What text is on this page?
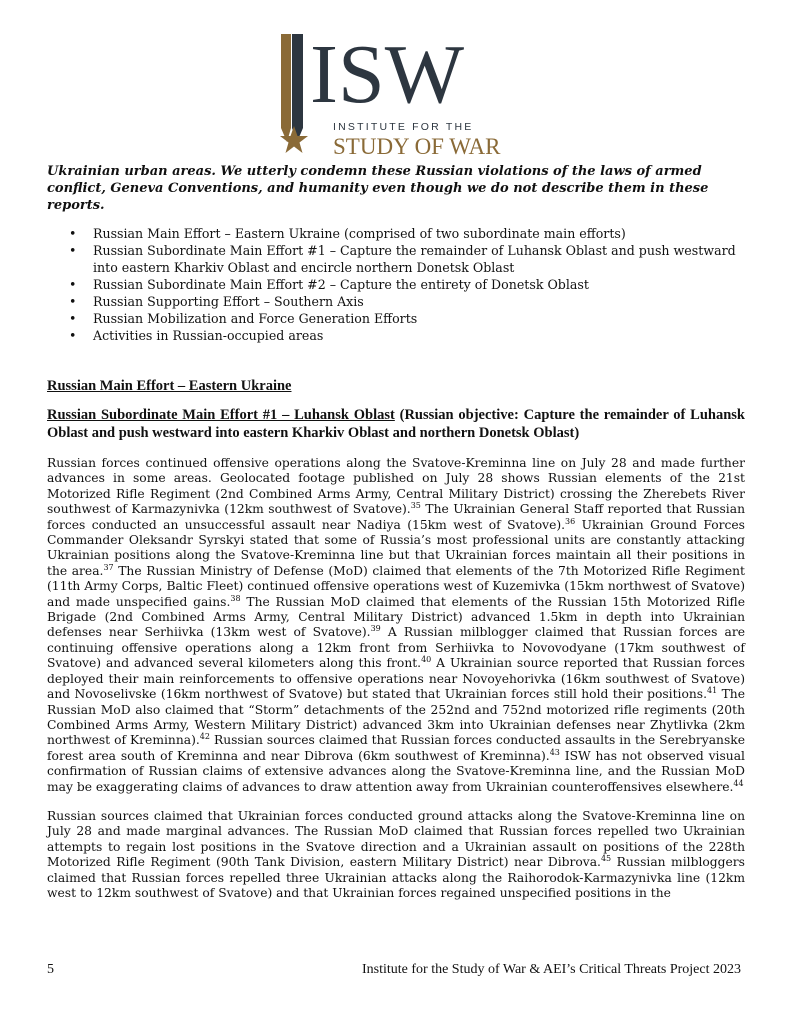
ISW
INSTITUTE FOR THE
STUDY OF WAR

Ukrainian urban areas. We utterly condemn these Russian violations of the laws of armed conflict, Geneva Conventions, and humanity even though we do not describe them in these reports.

• Russian Main Effort – Eastern Ukraine (comprised of two subordinate main efforts)
• Russian Subordinate Main Effort #1 – Capture the remainder of Luhansk Oblast and push westward into eastern Kharkiv Oblast and encircle northern Donetsk Oblast
• Russian Subordinate Main Effort #2 – Capture the entirety of Donetsk Oblast
• Russian Supporting Effort – Southern Axis
• Russian Mobilization and Force Generation Efforts
• Activities in Russian-occupied areas
Russian Main Effort – Eastern Ukraine
Russian Subordinate Main Effort #1 – Luhansk Oblast (Russian objective: Capture the remainder of Luhansk Oblast and push westward into eastern Kharkiv Oblast and northern Donetsk Oblast)

Russian forces continued offensive operations along the Svatove-Kreminna line on July 28 and made further advances in some areas. Geolocated footage published on July 28 shows Russian elements of the 21st Motorized Rifle Regiment (2nd Combined Arms Army, Central Military District) crossing the Zherebets River southwest of Karmazynivka (12km southwest of Svatove).$^{35}$ The Ukrainian General Staff reported that Russian forces conducted an unsuccessful assault near Nadiya (15km west of Svatove).$^{36}$ Ukrainian Ground Forces Commander Oleksandr Syrskyi stated that some of Russia’s most professional units are constantly attacking Ukrainian positions along the Svatove-Kreminna line but that Ukrainian forces maintain all their positions in the area.$^{37}$ The Russian Ministry of Defense (MoD) claimed that elements of the 7th Motorized Rifle Regiment (11th Army Corps, Baltic Fleet) continued offensive operations west of Kuzemivka (15km northwest of Svatove) and made unspecified gains.$^{38}$ The Russian MoD claimed that elements of the Russian 15th Motorized Rifle Brigade (2nd Combined Arms Army, Central Military District) advanced 1.5km in depth into Ukrainian defenses near Serhiivka (13km west of Svatove).$^{39}$ A Russian milblogger claimed that Russian forces are continuing offensive operations along a 12km front from Serhiivka to Novovodyane (17km southwest of Svatove) and advanced several kilometers along this front.$^{40}$ A Ukrainian source reported that Russian forces deployed their main reinforcements to offensive operations near Novoyehorivka (16km southwest of Svatove) and Novoselivske (16km northwest of Svatove) but stated that Ukrainian forces still hold their positions.$^{41}$ The Russian MoD also claimed that “Storm” detachments of the 252nd and 752nd motorized rifle regiments (20th Combined Arms Army, Western Military District) advanced 3km into Ukrainian defenses near Zhytlivka (2km northwest of Kreminna).$^{42}$ Russian sources claimed that Russian forces conducted assaults in the Serebryanske forest area south of Kreminna and near Dibrova (6km southwest of Kreminna).$^{43}$ ISW has not observed visual confirmation of Russian claims of extensive advances along the Svatove-Kreminna line, and the Russian MoD may be exaggerating claims of advances to draw attention away from Ukrainian counteroffensives elsewhere.$^{44}$

Russian sources claimed that Ukrainian forces conducted ground attacks along the Svatove-Kreminna line on July 28 and made marginal advances. The Russian MoD claimed that Russian forces repelled two Ukrainian attempts to regain lost positions in the Svatove direction and a Ukrainian assault on positions of the 228th Motorized Rifle Regiment (90th Tank Division, eastern Military District) near Dibrova.$^{45}$ Russian milbloggers claimed that Russian forces repelled three Ukrainian attacks along the Raihorodok-Karmazynivka line (12km west to 12km southwest of Svatove) and that Ukrainian forces regained unspecified positions in the

5	Institute for the Study of War & AEI’s Critical Threats Project 2023
